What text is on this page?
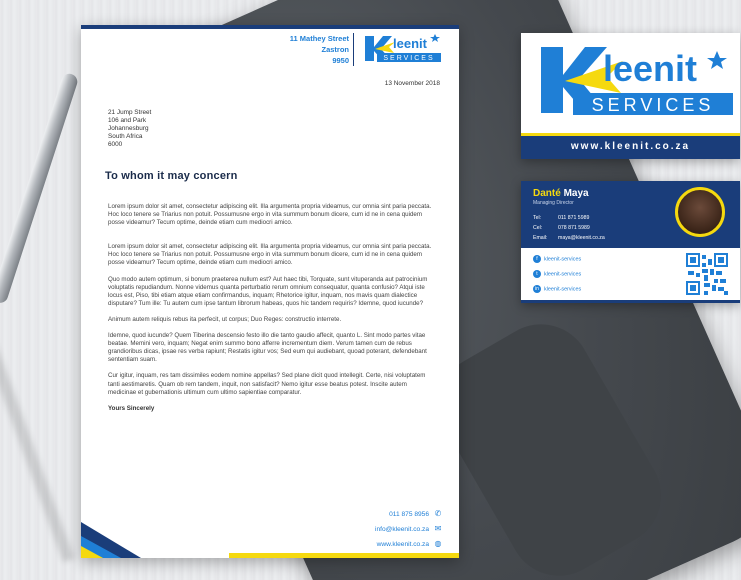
11 Mathey Street
Zastron
9950
leenit
SERVICES
13 November 2018
21 Jump Street
106 and Park
Johannesburg
South Africa
6000
To whom it may concern

Lorem ipsum dolor sit amet, consectetur adipiscing elit. Illa argumenta propria videamus, cur omnia sint paria peccata. Hoc loco tenere se Triarius non potuit. Possumusne ergo in vita summum bonum dicere, cum id ne in cena quidem posse videamur? Tecum optime, deinde etiam cum mediocri amico.

Lorem ipsum dolor sit amet, consectetur adipiscing elit. Illa argumenta propria videamus, cur omnia sint paria peccata. Hoc loco tenere se Triarius non potuit. Possumusne ergo in vita summum bonum dicere, cum id ne in cena quidem posse videamur? Tecum optime, deinde etiam cum mediocri amico.

Quo modo autem optimum, si bonum praeterea nullum est? Aut haec tibi, Torquate, sunt vituperanda aut patrocinium voluptatis repudiandum. Nonne videmus quanta perturbatio rerum omnium consequatur, quanta confusio? Atqui iste locus est, Piso, tibi etiam atque etiam confirmandus, inquam; Rhetorice igitur, inquam, nos mavis quam dialectice disputare? Tum ille: Tu autem cum ipse tantum librorum habeas, quos hic tandem requiris? Idemne, quod iucunde?

Animum autem reliquis rebus ita perfecit, ut corpus; Duo Reges: constructio interrete.

Idemne, quod iucunde? Quem Tiberina descensio festo illo die tanto gaudio affecit, quanto L. Sint modo partes vitae beatae. Memini vero, inquam; Negat enim summo bono afferre incrementum diem. Verum tamen cum de rebus grandioribus dicas, ipsae res verba rapiunt; Restatis igitur vos; Sed eum qui audiebant, quoad poterant, defendebant sententiam suam.

Cur igitur, inquam, res tam dissimiles eodem nomine appellas? Sed plane dicit quod intellegit. Certe, nisi voluptatem tanti aestimaretis. Quam ob rem tandem, inquit, non satisfacit? Nemo igitur esse beatus potest. Inscite autem medicinae et gubernationis ultimum cum ultimo sapientiae comparatur.

Yours Sincerely
011 875 8956
info@kleenit.co.za
www.kleenit.co.za
✆
✉
◍
leenit
SERVICES
www.kleenit.co.za
Danté Maya
Managing Director
Tel:	011 871 5989
Cel:	078 871 5989
Email: maya@kleenit.co.za
f kleenit-services
t kleenit-services
in kleenit-services
